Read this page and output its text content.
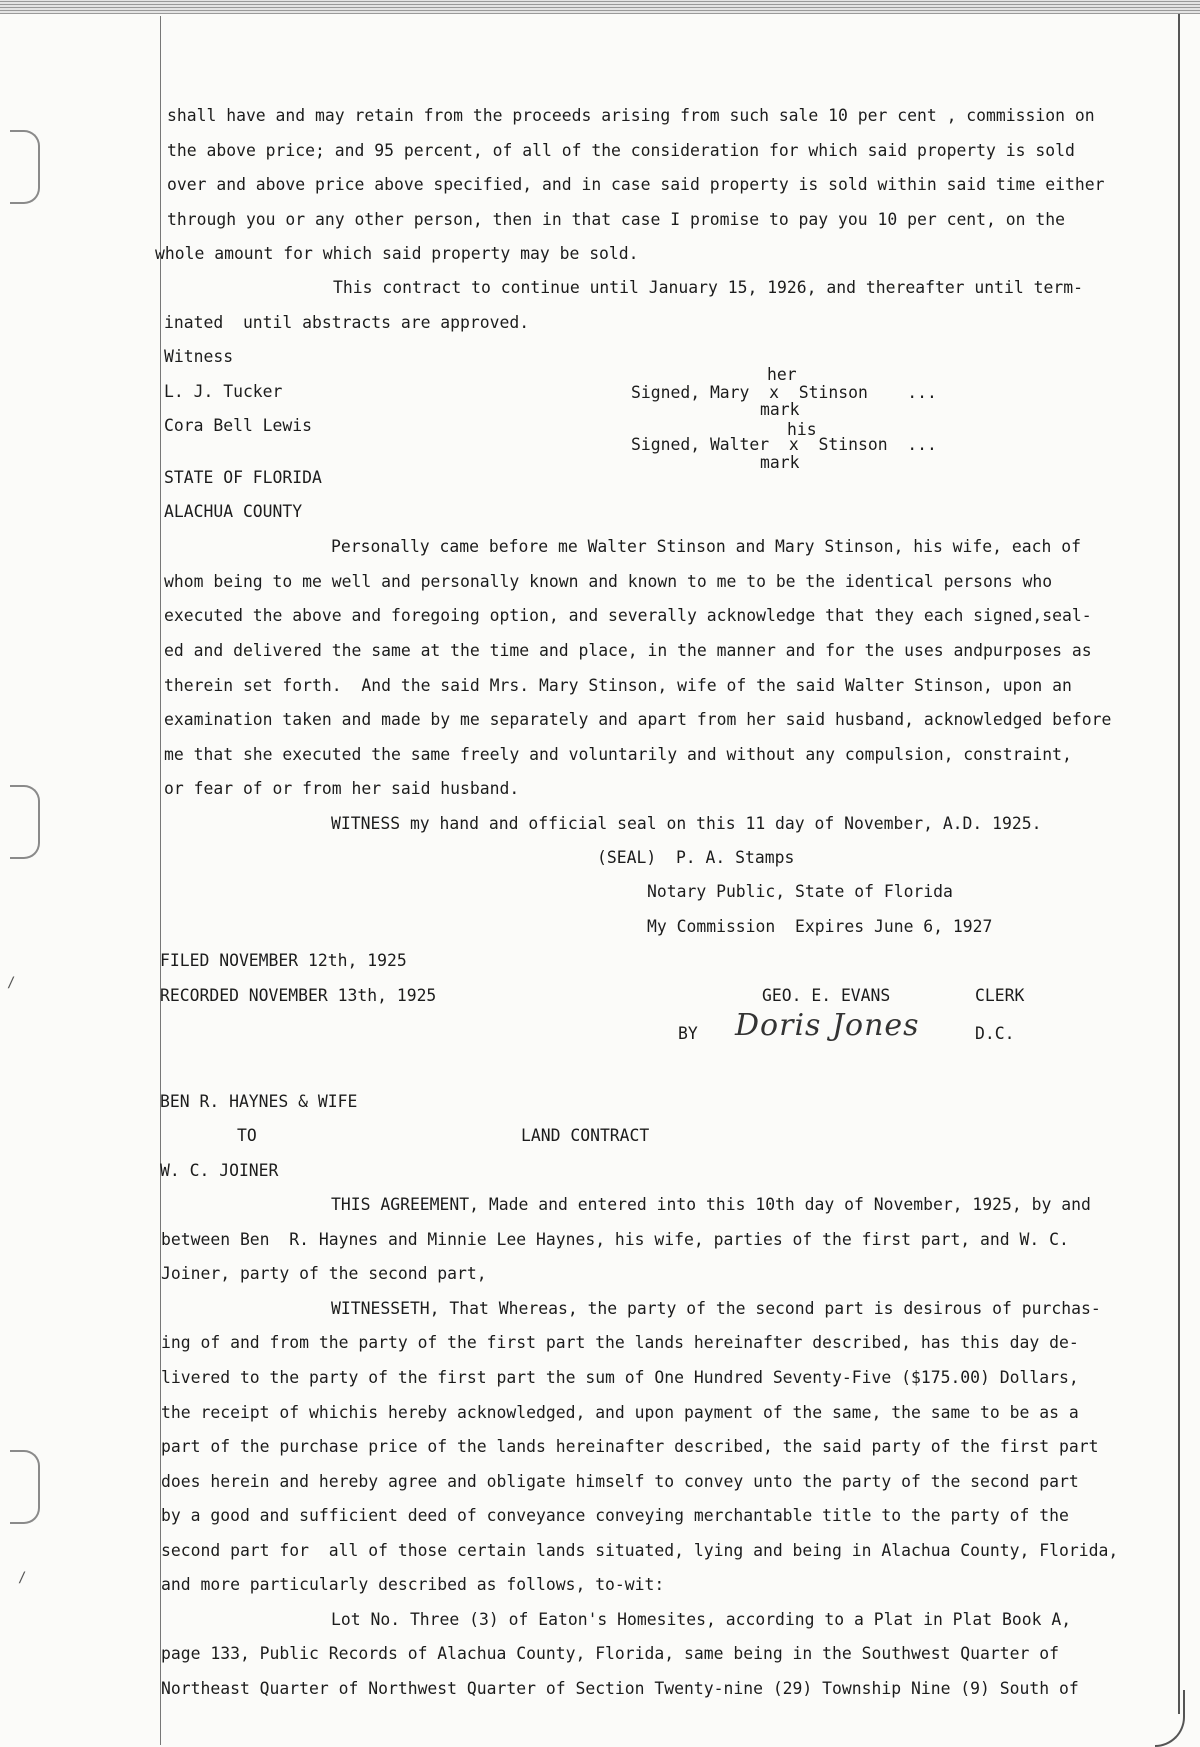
/
/
shall have and may retain from the proceeds arising from such sale 10 per cent , commission on
the above price; and 95 percent, of all of the consideration for which said property is sold
over and above price above specified, and in case said property is sold within said time either
through you or any other person, then in that case I promise to pay you 10 per cent, on the
whole amount for which said property may be sold.
This contract to continue until January 15, 1926, and thereafter until term-
inated  until abstracts are approved.
Witness
L. J. Tucker
Cora Bell Lewis
her
Signed, Mary  x  Stinson    ...
mark
his
Signed, Walter  x  Stinson  ...
mark
STATE OF FLORIDA
ALACHUA COUNTY
Personally came before me Walter Stinson and Mary Stinson, his wife, each of
whom being to me well and personally known and known to me to be the identical persons who
executed the above and foregoing option, and severally acknowledge that they each signed,seal-
ed and delivered the same at the time and place, in the manner and for the uses andpurposes as
therein set forth.  And the said Mrs. Mary Stinson, wife of the said Walter Stinson, upon an
examination taken and made by me separately and apart from her said husband, acknowledged before
me that she executed the same freely and voluntarily and without any compulsion, constraint,
or fear of or from her said husband.
WITNESS my hand and official seal on this 11 day of November, A.D. 1925.
(SEAL)  P. A. Stamps
Notary Public, State of Florida
My Commission  Expires June 6, 1927
FILED NOVEMBER 12th, 1925
RECORDED NOVEMBER 13th, 1925	GEO. E. EVANS	CLERK
BY Doris Jones	D.C.
BEN R. HAYNES & WIFE
TO	LAND CONTRACT
W. C. JOINER
THIS AGREEMENT, Made and entered into this 10th day of November, 1925, by and
between Ben  R. Haynes and Minnie Lee Haynes, his wife, parties of the first part, and W. C.
Joiner, party of the second part,
WITNESSETH, That Whereas, the party of the second part is desirous of purchas-
ing of and from the party of the first part the lands hereinafter described, has this day de-
livered to the party of the first part the sum of One Hundred Seventy-Five ($175.00) Dollars,
the receipt of whichis hereby acknowledged, and upon payment of the same, the same to be as a
part of the purchase price of the lands hereinafter described, the said party of the first part
does herein and hereby agree and obligate himself to convey unto the party of the second part
by a good and sufficient deed of conveyance conveying merchantable title to the party of the
second part for  all of those certain lands situated, lying and being in Alachua County, Florida,
and more particularly described as follows, to-wit:
Lot No. Three (3) of Eaton's Homesites, according to a Plat in Plat Book A,
page 133, Public Records of Alachua County, Florida, same being in the Southwest Quarter of
Northeast Quarter of Northwest Quarter of Section Twenty-nine (29) Township Nine (9) South of
